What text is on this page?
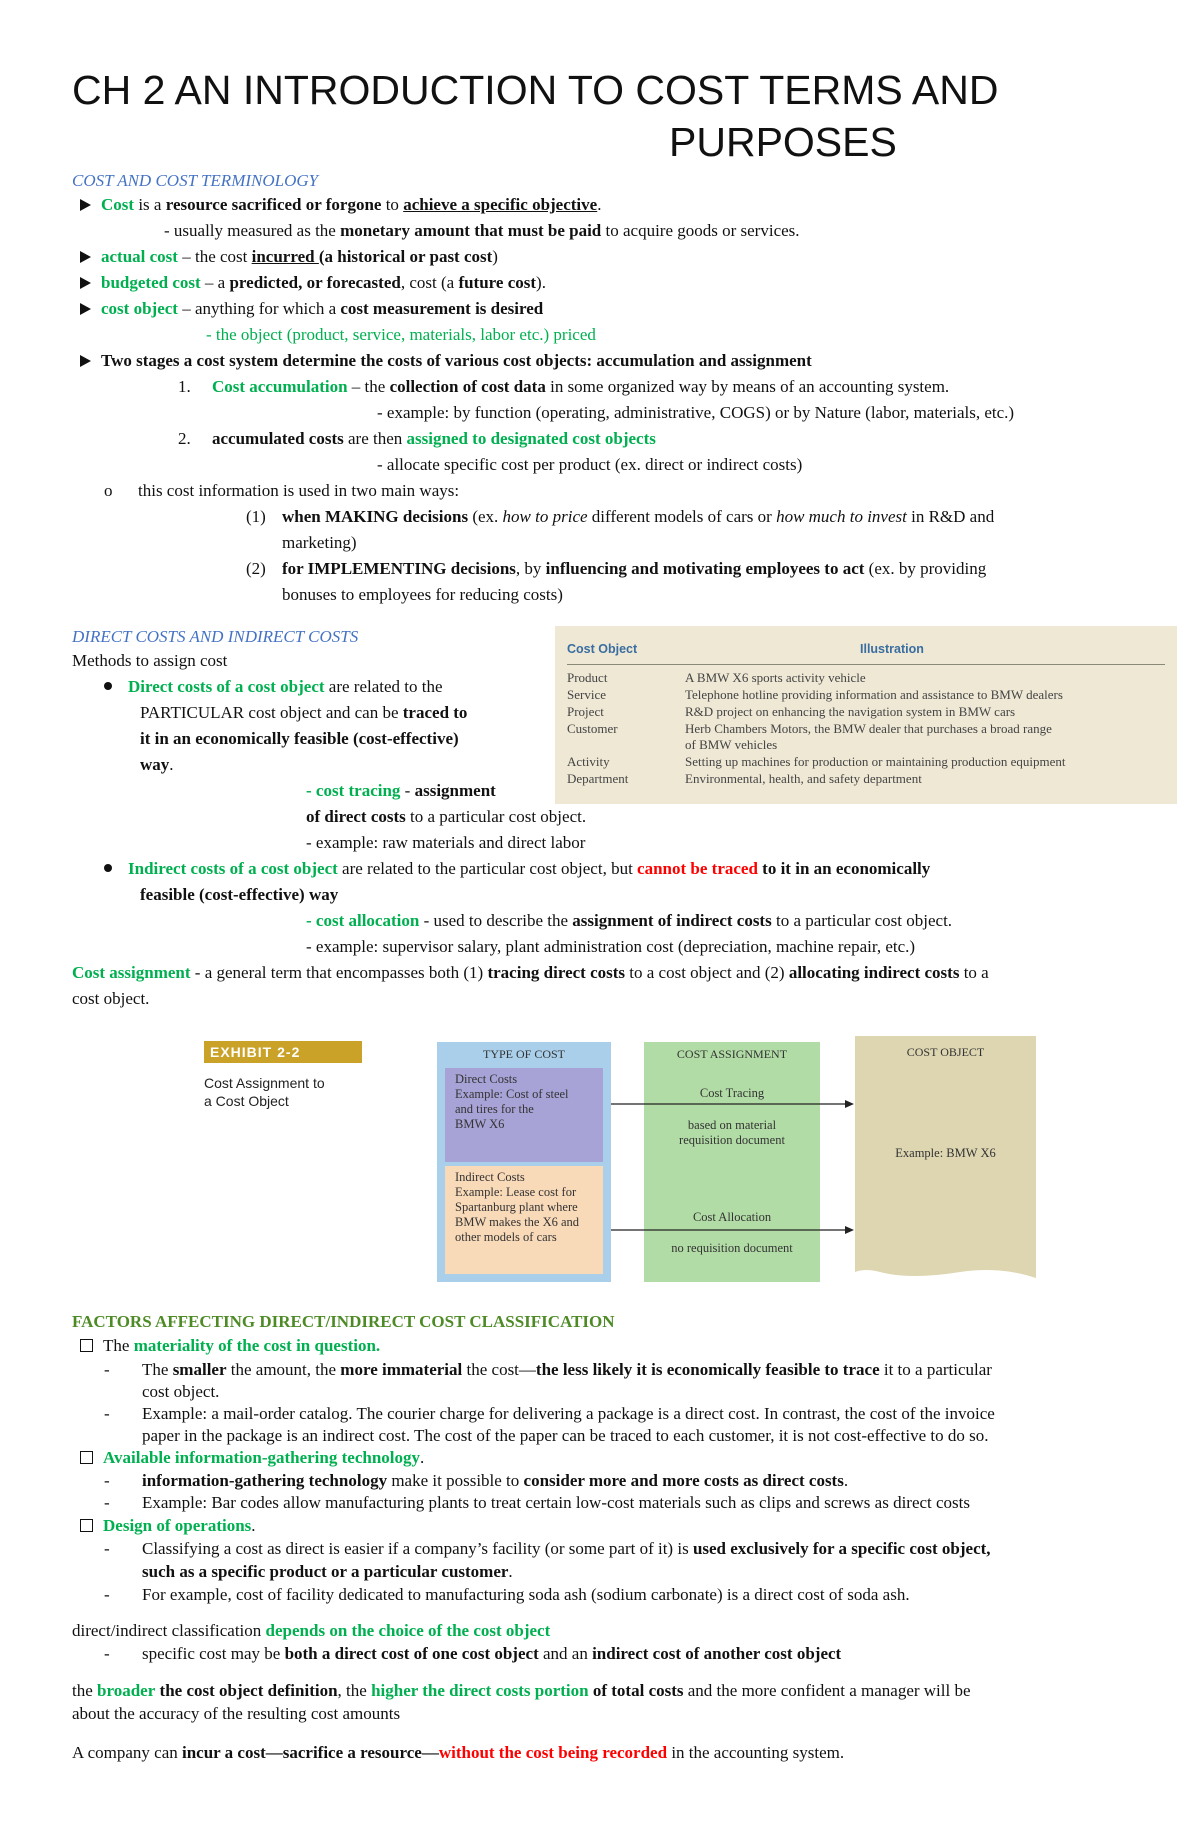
CH 2 AN INTRODUCTION TO COST TERMS AND
PURPOSES
COST AND COST TERMINOLOGY
Cost is a resource sacrificed or forgone to achieve a specific objective.
- usually measured as the monetary amount that must be paid to acquire goods or services.
actual cost – the cost incurred (a historical or past cost)
budgeted cost – a predicted, or forecasted, cost (a future cost).
cost object – anything for which a cost measurement is desired
- the object (product, service, materials, labor etc.) priced
Two stages a cost system determine the costs of various cost objects: accumulation and assignment
1. Cost accumulation – the collection of cost data in some organized way by means of an accounting system.
- example: by function (operating, administrative, COGS) or by Nature (labor, materials, etc.)
2. accumulated costs are then assigned to designated cost objects
- allocate specific cost per product (ex. direct or indirect costs)
o this cost information is used in two main ways:
(1) when MAKING decisions (ex. how to price different models of cars or how much to invest in R&D and
marketing)
(2) for IMPLEMENTING decisions, by influencing and motivating employees to act (ex. by providing
bonuses to employees for reducing costs)
DIRECT COSTS AND INDIRECT COSTS
Methods to assign cost
Direct costs of a cost object are related to the
PARTICULAR cost object and can be traced to
it in an economically feasible (cost-effective)
way.
- cost tracing - assignment
of direct costs to a particular cost object.
- example: raw materials and direct labor
Indirect costs of a cost object are related to the particular cost object, but cannot be traced to it in an economically
feasible (cost-effective) way
- cost allocation - used to describe the assignment of indirect costs to a particular cost object.
- example: supervisor salary, plant administration cost (depreciation, machine repair, etc.)
Cost assignment - a general term that encompasses both (1) tracing direct costs to a cost object and (2) allocating indirect costs to a
cost object.
Cost Object	Illustration
Product	A BMW X6 sports activity vehicle
Service	Telephone hotline providing information and assistance to BMW dealers
Project	R&D project on enhancing the navigation system in BMW cars
Customer	Herb Chambers Motors, the BMW dealer that purchases a broad range
of BMW vehicles
Activity	Setting up machines for production or maintaining production equipment
Department	Environmental, health, and safety department
EXHIBIT 2-2
Cost Assignment to
a Cost Object
TYPE OF COST
Direct Costs
Example: Cost of steel
and tires for the
BMW X6
Indirect Costs
Example: Lease cost for
Spartanburg plant where
BMW makes the X6 and
other models of cars
COST ASSIGNMENT
Cost Tracing
based on material
requisition document
Cost Allocation
no requisition document
COST OBJECT
Example: BMW X6
FACTORS AFFECTING DIRECT/INDIRECT COST CLASSIFICATION
The materiality of the cost in question.
- The smaller the amount, the more immaterial the cost—the less likely it is economically feasible to trace it to a particular
cost object.
- Example: a mail-order catalog. The courier charge for delivering a package is a direct cost. In contrast, the cost of the invoice
paper in the package is an indirect cost. The cost of the paper can be traced to each customer, it is not cost-effective to do so.
Available information-gathering technology.
- information-gathering technology make it possible to consider more and more costs as direct costs.
- Example: Bar codes allow manufacturing plants to treat certain low-cost materials such as clips and screws as direct costs
Design of operations.
- Classifying a cost as direct is easier if a company’s facility (or some part of it) is used exclusively for a specific cost object,
such as a specific product or a particular customer.
- For example, cost of facility dedicated to manufacturing soda ash (sodium carbonate) is a direct cost of soda ash.
direct/indirect classification depends on the choice of the cost object
- specific cost may be both a direct cost of one cost object and an indirect cost of another cost object
the broader the cost object definition, the higher the direct costs portion of total costs and the more confident a manager will be
about the accuracy of the resulting cost amounts
A company can incur a cost—sacrifice a resource—without the cost being recorded in the accounting system.
